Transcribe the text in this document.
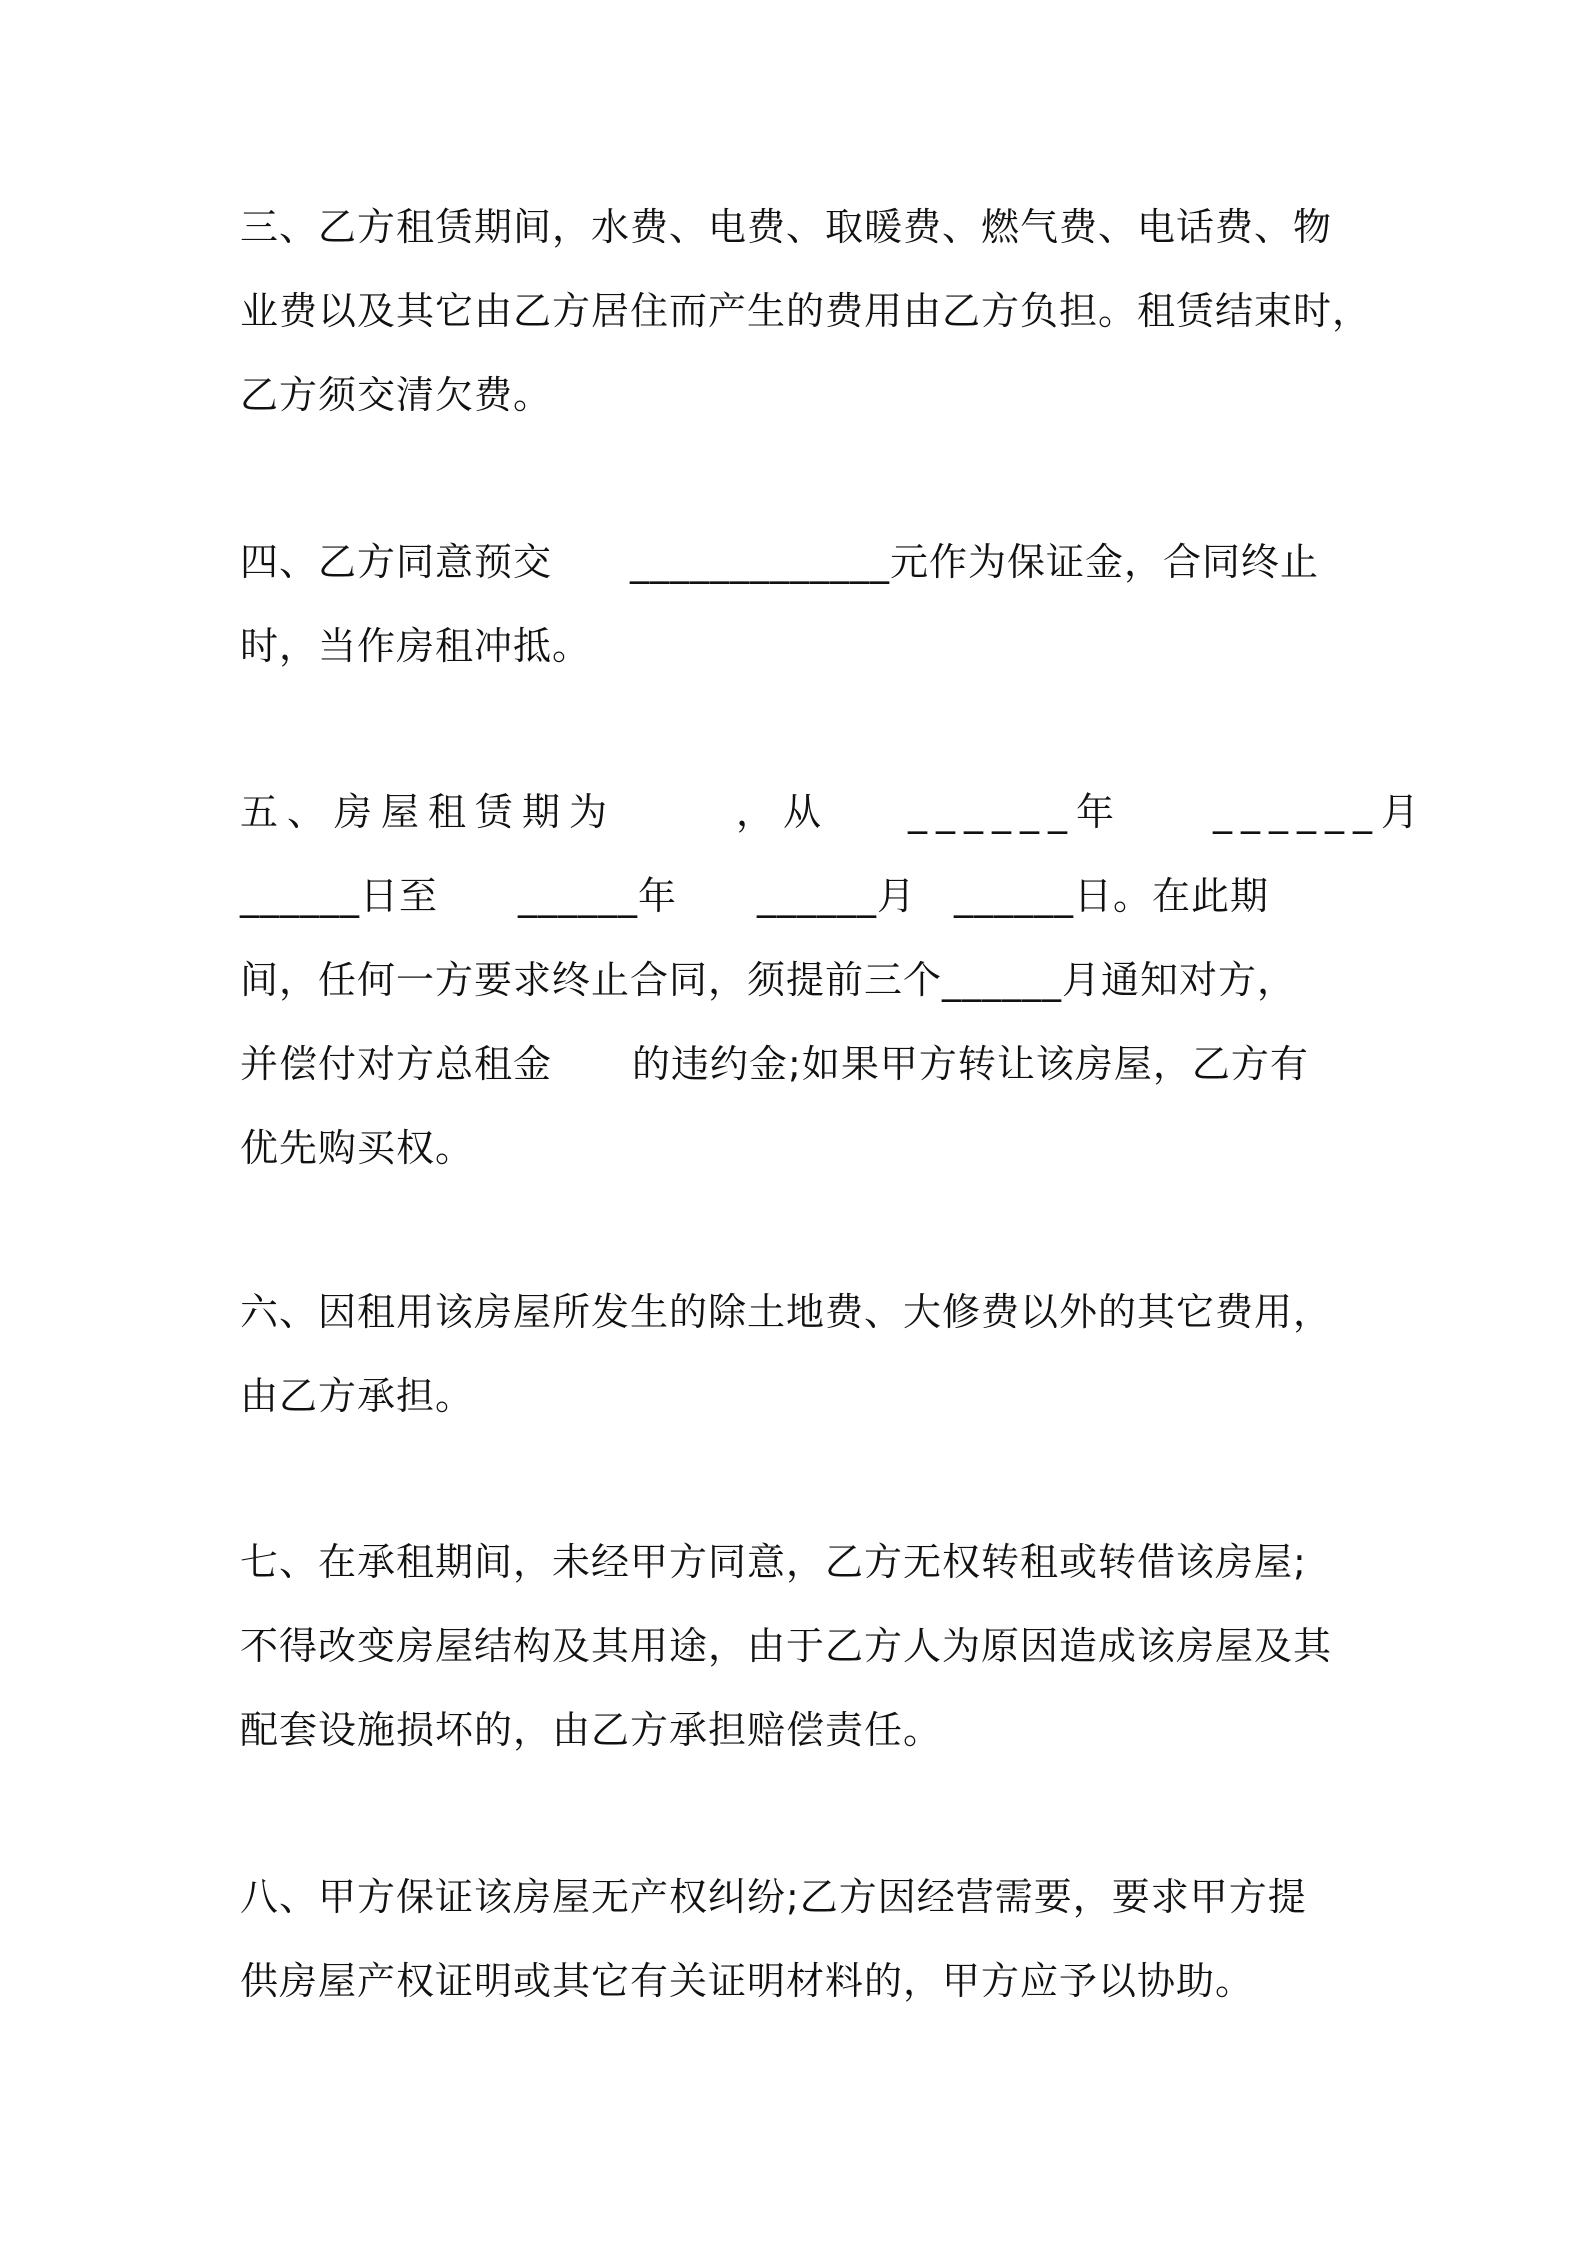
三、乙方租赁期间，水费、电费、取暖费、燃气费、电话费、物
业费以及其它由乙方居住而产生的费用由乙方负担。租赁结束时，
乙方须交清欠费。
四、乙方同意预交 _____________元作为保证金，合同终止
时，当作房租冲抵。
五、房屋租赁期为	，从 ______年 ______月
______日至 ______年 ______月 ______日。在此期
间，任何一方要求终止合同，须提前三个______月通知对方，
并偿付对方总租金 的违约金;如果甲方转让该房屋，乙方有
优先购买权。
六、因租用该房屋所发生的除土地费、大修费以外的其它费用，
由乙方承担。
七、在承租期间，未经甲方同意，乙方无权转租或转借该房屋;
不得改变房屋结构及其用途，由于乙方人为原因造成该房屋及其
配套设施损坏的，由乙方承担赔偿责任。
八、甲方保证该房屋无产权纠纷;乙方因经营需要，要求甲方提
供房屋产权证明或其它有关证明材料的，甲方应予以协助。
